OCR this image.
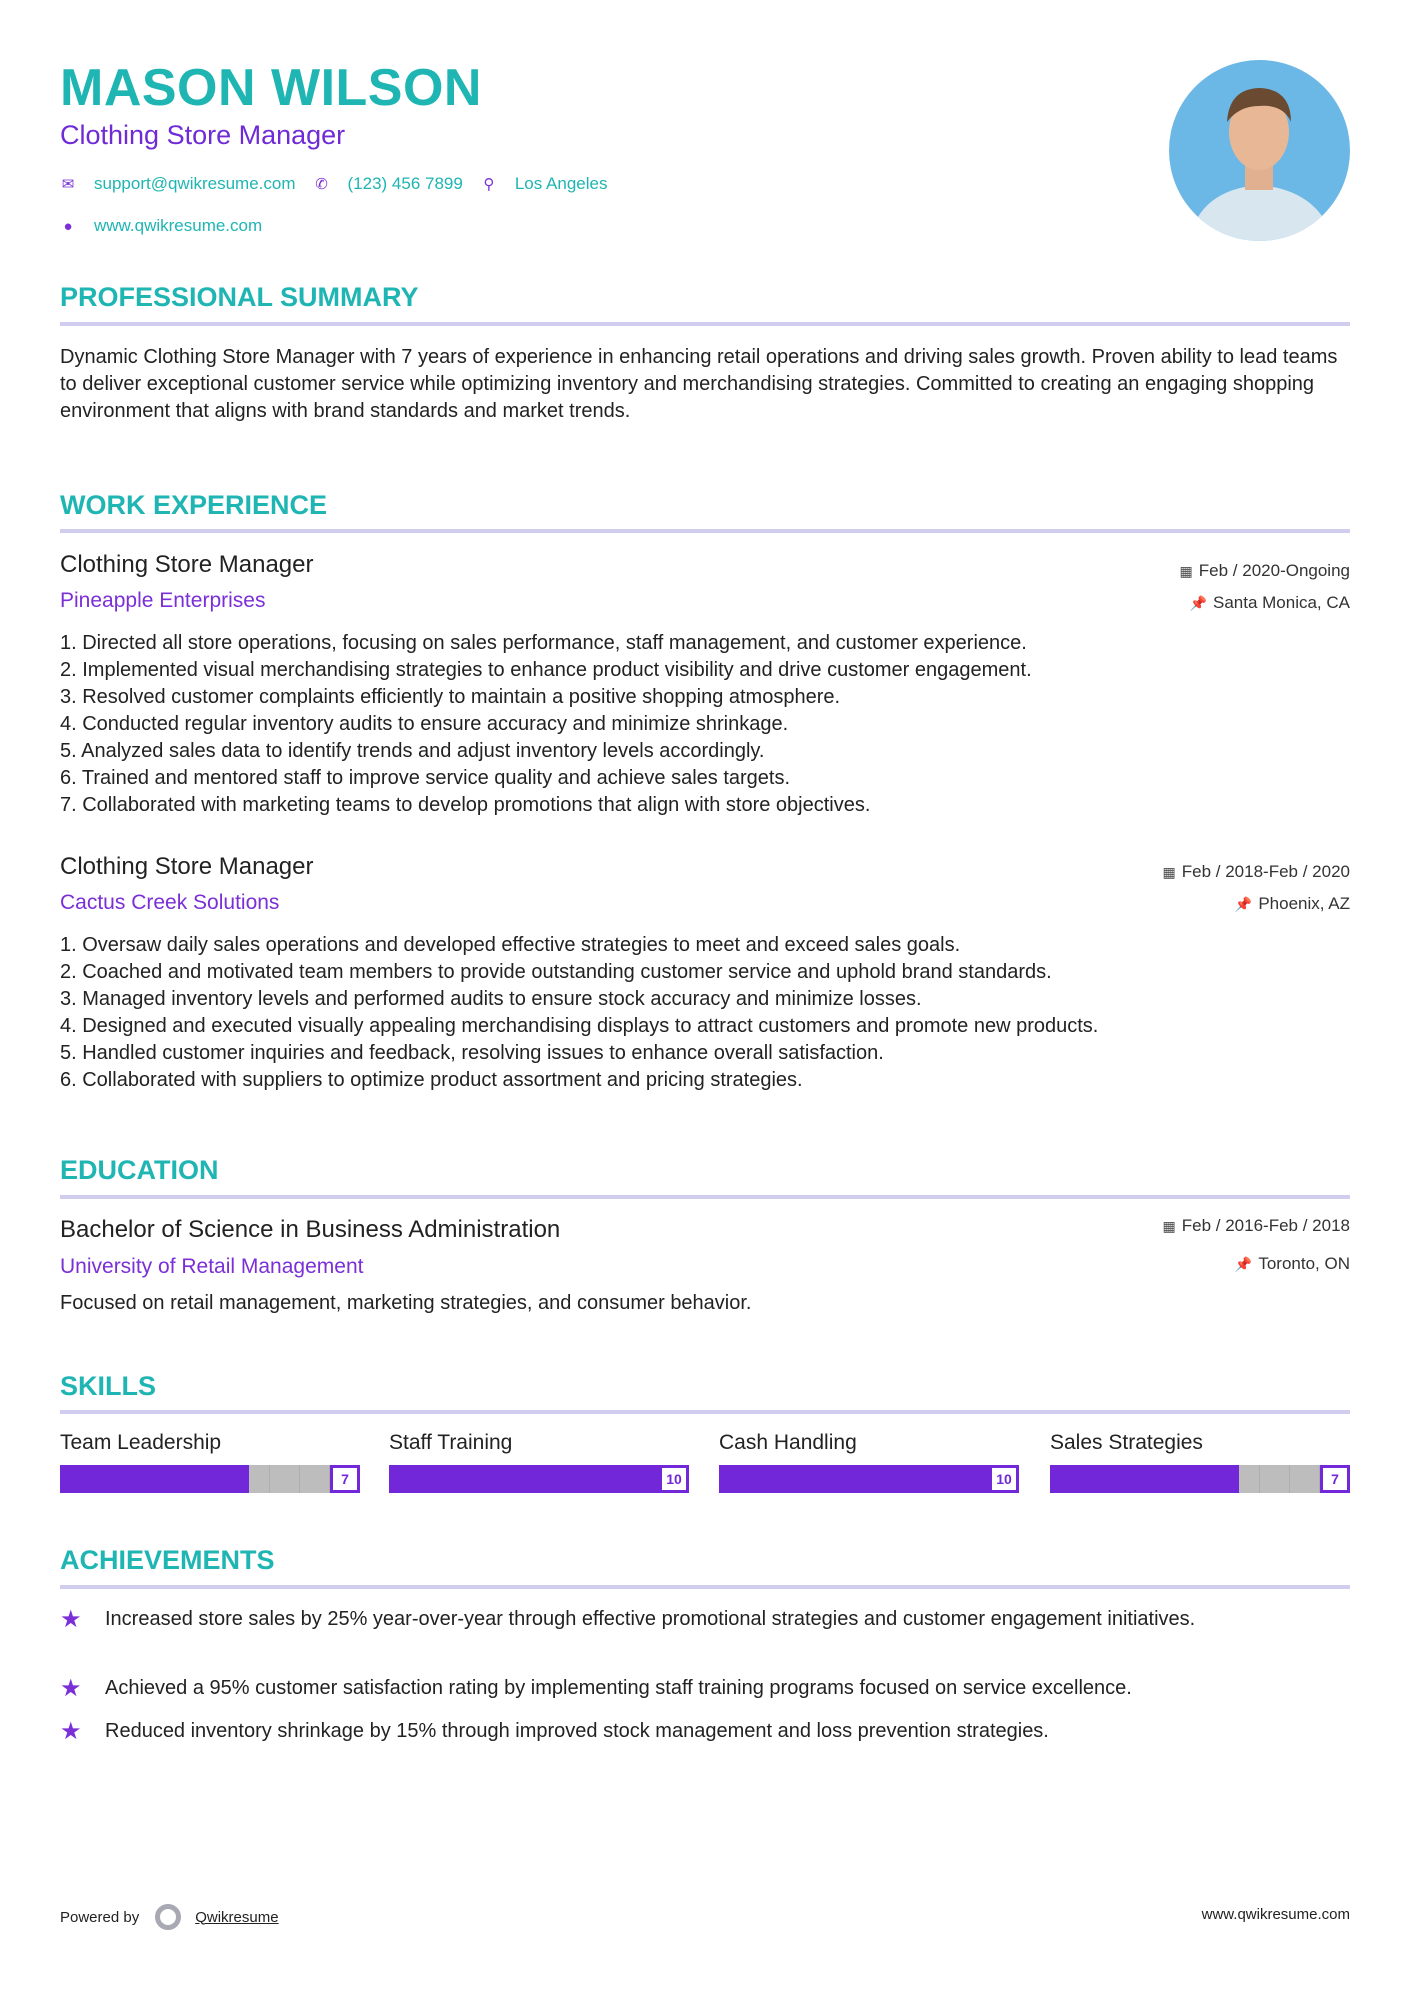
MASON WILSON
Clothing Store Manager
✉ support@qwikresume.com ✆ (123) 456 7899 ⚲ Los Angeles
● www.qwikresume.com
PROFESSIONAL SUMMARY
Dynamic Clothing Store Manager with 7 years of experience in enhancing retail operations and driving sales growth. Proven ability to lead teams to deliver exceptional customer service while optimizing inventory and merchandising strategies. Committed to creating an engaging shopping environment that aligns with brand standards and market trends.
WORK EXPERIENCE
Clothing Store Manager
Pineapple Enterprises
▦ Feb / 2020-Ongoing
📌 Santa Monica, CA
1. Directed all store operations, focusing on sales performance, staff management, and customer experience.
2. Implemented visual merchandising strategies to enhance product visibility and drive customer engagement.
3. Resolved customer complaints efficiently to maintain a positive shopping atmosphere.
4. Conducted regular inventory audits to ensure accuracy and minimize shrinkage.
5. Analyzed sales data to identify trends and adjust inventory levels accordingly.
6. Trained and mentored staff to improve service quality and achieve sales targets.
7. Collaborated with marketing teams to develop promotions that align with store objectives.
Clothing Store Manager
Cactus Creek Solutions
▦ Feb / 2018-Feb / 2020
📌 Phoenix, AZ
1. Oversaw daily sales operations and developed effective strategies to meet and exceed sales goals.
2. Coached and motivated team members to provide outstanding customer service and uphold brand standards.
3. Managed inventory levels and performed audits to ensure stock accuracy and minimize losses.
4. Designed and executed visually appealing merchandising displays to attract customers and promote new products.
5. Handled customer inquiries and feedback, resolving issues to enhance overall satisfaction.
6. Collaborated with suppliers to optimize product assortment and pricing strategies.
EDUCATION
Bachelor of Science in Business Administration
University of Retail Management
▦ Feb / 2016-Feb / 2018
📌 Toronto, ON
Focused on retail management, marketing strategies, and consumer behavior.
SKILLS
Team Leadership
7
Staff Training
10
Cash Handling
10
Sales Strategies
7
ACHIEVEMENTS
★	Increased store sales by 25% year-over-year through effective promotional strategies and customer engagement initiatives.
★	Achieved a 95% customer satisfaction rating by implementing staff training programs focused on service excellence.
★	Reduced inventory shrinkage by 15% through improved stock management and loss prevention strategies.
Powered by	Qwikresume	www.qwikresume.com
